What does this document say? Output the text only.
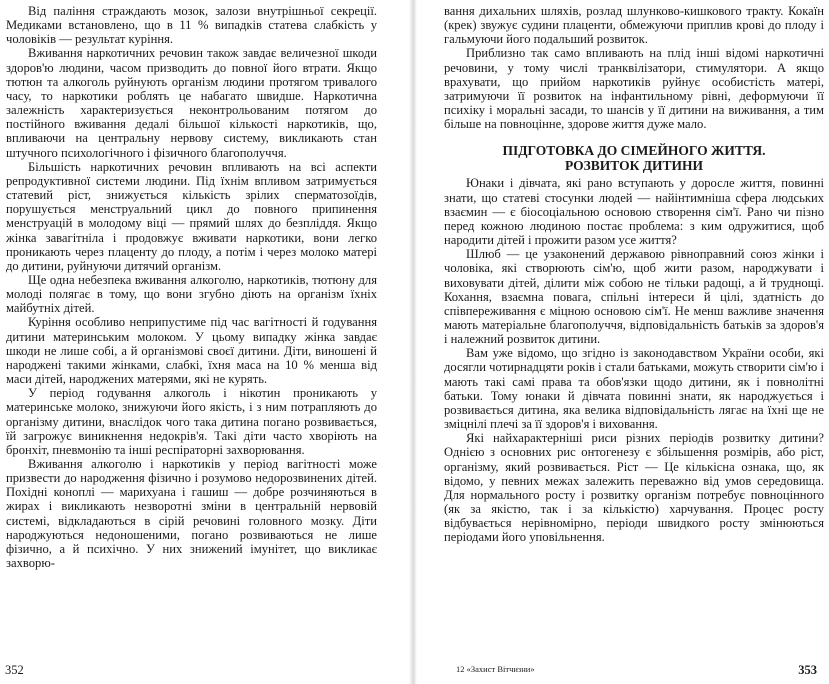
Від паління страждають мозок, залози внутрішньої секреції. Медиками встановлено, що в 11 % випадків статева слабкість у чоловіків — результат куріння.

Вживання наркотичних речовин також завдає величезної шкоди здоров'ю людини, часом призводить до повної його втрати. Якщо тютюн та алкоголь руйнують організм людини протягом тривалого часу, то наркотики роблять це набагато швидше. Наркотична залежність характеризується неконтрольованим потягом до постійного вживання дедалі більшої кількості наркотиків, що, впливаючи на центральну нервову систему, викликають стан штучного психологічного і фізичного благополуччя.

Більшість наркотичних речовин впливають на всі аспекти репродуктивної системи людини. Під їхнім впливом затримується статевий ріст, знижується кількість зрілих сперматозоїдів, порушується менструальний цикл до повного припинення менструацій в молодому віці — прямий шлях до безпліддя. Якщо жінка завагітніла і продовжує вживати наркотики, вони легко проникають через плаценту до плоду, а потім і через молоко матері до дитини, руйнуючи дитячий організм.

Ще одна небезпека вживання алкоголю, наркотиків, тютюну для молоді полягає в тому, що вони згубно діють на організм їхніх майбутніх дітей.

Куріння особливо неприпустиме під час вагітності й годування дитини материнським молоком. У цьому випадку жінка завдає шкоди не лише собі, а й організмові своєї дитини. Діти, виношені й народжені такими жінками, слабкі, їхня маса на 10 % менша від маси дітей, народжених матерями, які не курять.

У період годування алкоголь і нікотин проникають у материнське молоко, знижуючи його якість, і з ним потрапляють до організму дитини, внаслідок чого така дитина погано розвивається, їй загрожує виникнення недокрів'я. Такі діти часто хворіють на бронхіт, пневмонію та інші респіраторні захворювання.

Вживання алкоголю і наркотиків у період вагітності може призвести до народження фізично і розумово недорозвинених дітей. Похідні коноплі — марихуана і гашиш — добре розчиняються в жирах і викликають незворотні зміни в центральній нервовій системі, відкладаються в сірій речовині головного мозку. Діти народжуються недоношеними, погано розвиваються не лише фізично, а й психічно. У них знижений імунітет, що викликає захворю-

352

вання дихальних шляхів, розлад шлунково-кишкового тракту. Кокаїн (крек) звужує судини плаценти, обмежуючи приплив крові до плоду і гальмуючи його подальший розвиток.

Приблизно так само впливають на плід інші відомі наркотичні речовини, у тому числі транквілізатори, стимулятори. А якщо врахувати, що прийом наркотиків руйнує особистість матері, затримуючи її розвиток на інфантильному рівні, деформуючи її психіку і моральні засади, то шансів у її дитини на виживання, а тим більше на повноцінне, здорове життя дуже мало.

ПІДГОТОВКА ДО СІМЕЙНОГО ЖИТТЯ.
РОЗВИТОК ДИТИНИ

Юнаки і дівчата, які рано вступають у доросле життя, повинні знати, що статеві стосунки людей — найінтимніша сфера людських взаємин — є біосоціальною основою створення сім'ї. Рано чи пізно перед кожною людиною постає проблема: з ким одружитися, щоб народити дітей і прожити разом усе життя?

Шлюб — це узаконений державою рівноправний союз жінки і чоловіка, які створюють сім'ю, щоб жити разом, народжувати і виховувати дітей, ділити між собою не тільки радощі, а й труднощі. Кохання, взаємна повага, спільні інтереси й цілі, здатність до співпереживання є міцною основою сім'ї. Не менш важливе значення мають матеріальне благополуччя, відповідальність батьків за здоров'я і належний розвиток дитини.

Вам уже відомо, що згідно із законодавством України особи, які досягли чотирнадцяти років і стали батьками, можуть створити сім'ю і мають такі самі права та обов'язки щодо дитини, як і повнолітні батьки. Тому юнаки й дівчата повинні знати, як народжується і розвивається дитина, яка велика відповідальність лягає на їхні ще не зміцнілі плечі за її здоров'я і виховання.

Які найхарактерніші риси різних періодів розвитку дитини? Однією з основних рис онтогенезу є збільшення розмірів, або ріст, організму, який розвивається. Ріст — Це кількісна ознака, що, як відомо, у певних межах залежить переважно від умов середовища. Для нормального росту і розвитку організм потребує повноцінного (як за якістю, так і за кількістю) харчування. Процес росту відбувається нерівномірно, періоди швидкого росту змінюються періодами його уповільнення.

12 «Захист Вітчизни»	353
